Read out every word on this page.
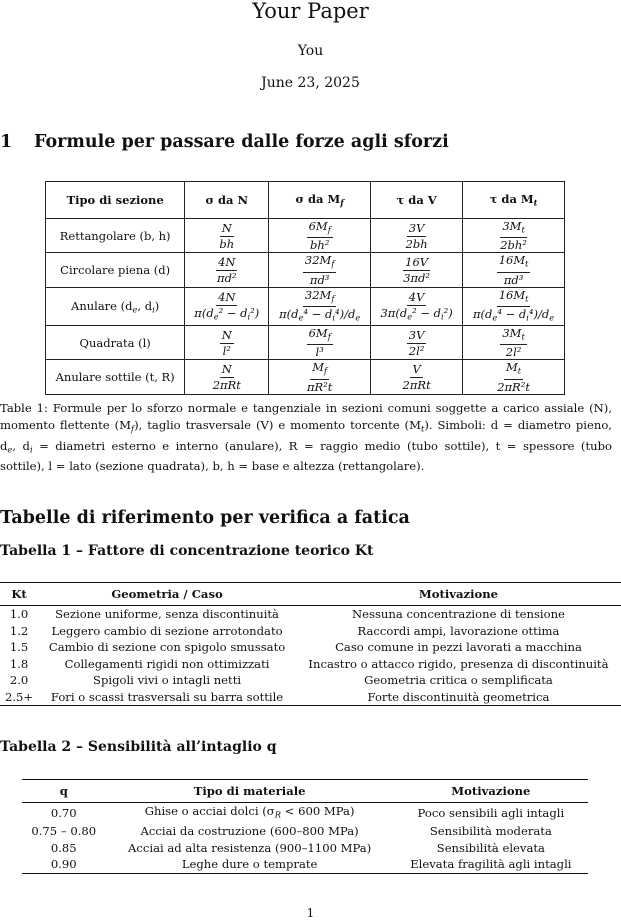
Your Paper
You
June 23, 2025
1 Formule per passare dalle forze agli sforzi
Tipo di sezione	σ da N	σ da $M_f$	τ da V	τ da $M_t$
Rettangolare (b, h)	$\frac{N}{bh}$	$\frac{6M_f}{\text{bh²}}$	$\frac{3V}{2bh}$	$\frac{3M_t}{\text{2bh²}}$

Circolare piena (d)	$\frac{4N}{\text{πd²}}$	$\frac{32M_f}{\text{πd³}}$	$\frac{16V}{\text{3πd²}}$	$\frac{16M_t}{\text{πd³}}$

Anulare ($d_e$, $d_i$)	$\frac{4N}{\pi(d_e^2 - d_i^2)}$	$\frac{32M_f}{\pi(d_e^4 - d_i^4)/d_e}$	$\frac{4V}{3\pi(d_e^2 - d_i^2)}$	$\frac{16M_t}{\pi(d_e^4 - d_i^4)/d_e}$

Quadrata (l)	$\frac{N}{\text{l²}}$	$\frac{6M_f}{\text{l³}}$	$\frac{3V}{\text{2l²}}$	$\frac{3M_t}{\text{2l²}}$

Anulare sottile (t, R)	$\frac{N}{\text{2πRt}}$	$\frac{M_f}{\text{πR²t}}$	$\frac{V}{\text{2πRt}}$	$\frac{M_t}{\text{2πR²t}}$
Table 1: Formule per lo sforzo normale e tangenziale in sezioni comuni soggette a carico assiale (N), momento flettente $(M_f)$, taglio trasversale (V) e momento torcente $(M_t)$. Simboli: d = diametro pieno, $d_e$, $d_i$ = diametri esterno e interno (anulare), R = raggio medio (tubo sottile), t = spessore (tubo sottile), l = lato (sezione quadrata), b, h = base e altezza (rettangolare).
Tabelle di riferimento per verifica a fatica
Tabella 1 – Fattore di concentrazione teorico Kt
Kt	Geometria / Caso	Motivazione
1.0	Sezione uniforme, senza discontinuità	Nessuna concentrazione di tensione
1.2	Leggero cambio di sezione arrotondato	Raccordi ampi, lavorazione ottima
1.5	Cambio di sezione con spigolo smussato	Caso comune in pezzi lavorati a macchina
1.8	Collegamenti rigidi non ottimizzati	Incastro o attacco rigido, presenza di discontinuità
2.0	Spigoli vivi o intagli netti	Geometria critica o semplificata
2.5+	Fori o scassi trasversali su barra sottile	Forte discontinuità geometrica
Tabella 2 – Sensibilità all’intaglio q
q	Tipo di materiale	Motivazione
0.70	Ghise o acciai dolci ($\sigma_R < 600$ MPa)	Poco sensibili agli intagli
0.75 – 0.80	Acciai da costruzione (600–800 MPa)	Sensibilità moderata
0.85	Acciai ad alta resistenza (900–1100 MPa)	Sensibilità elevata
0.90	Leghe dure o temprate	Elevata fragilità agli intagli
1
